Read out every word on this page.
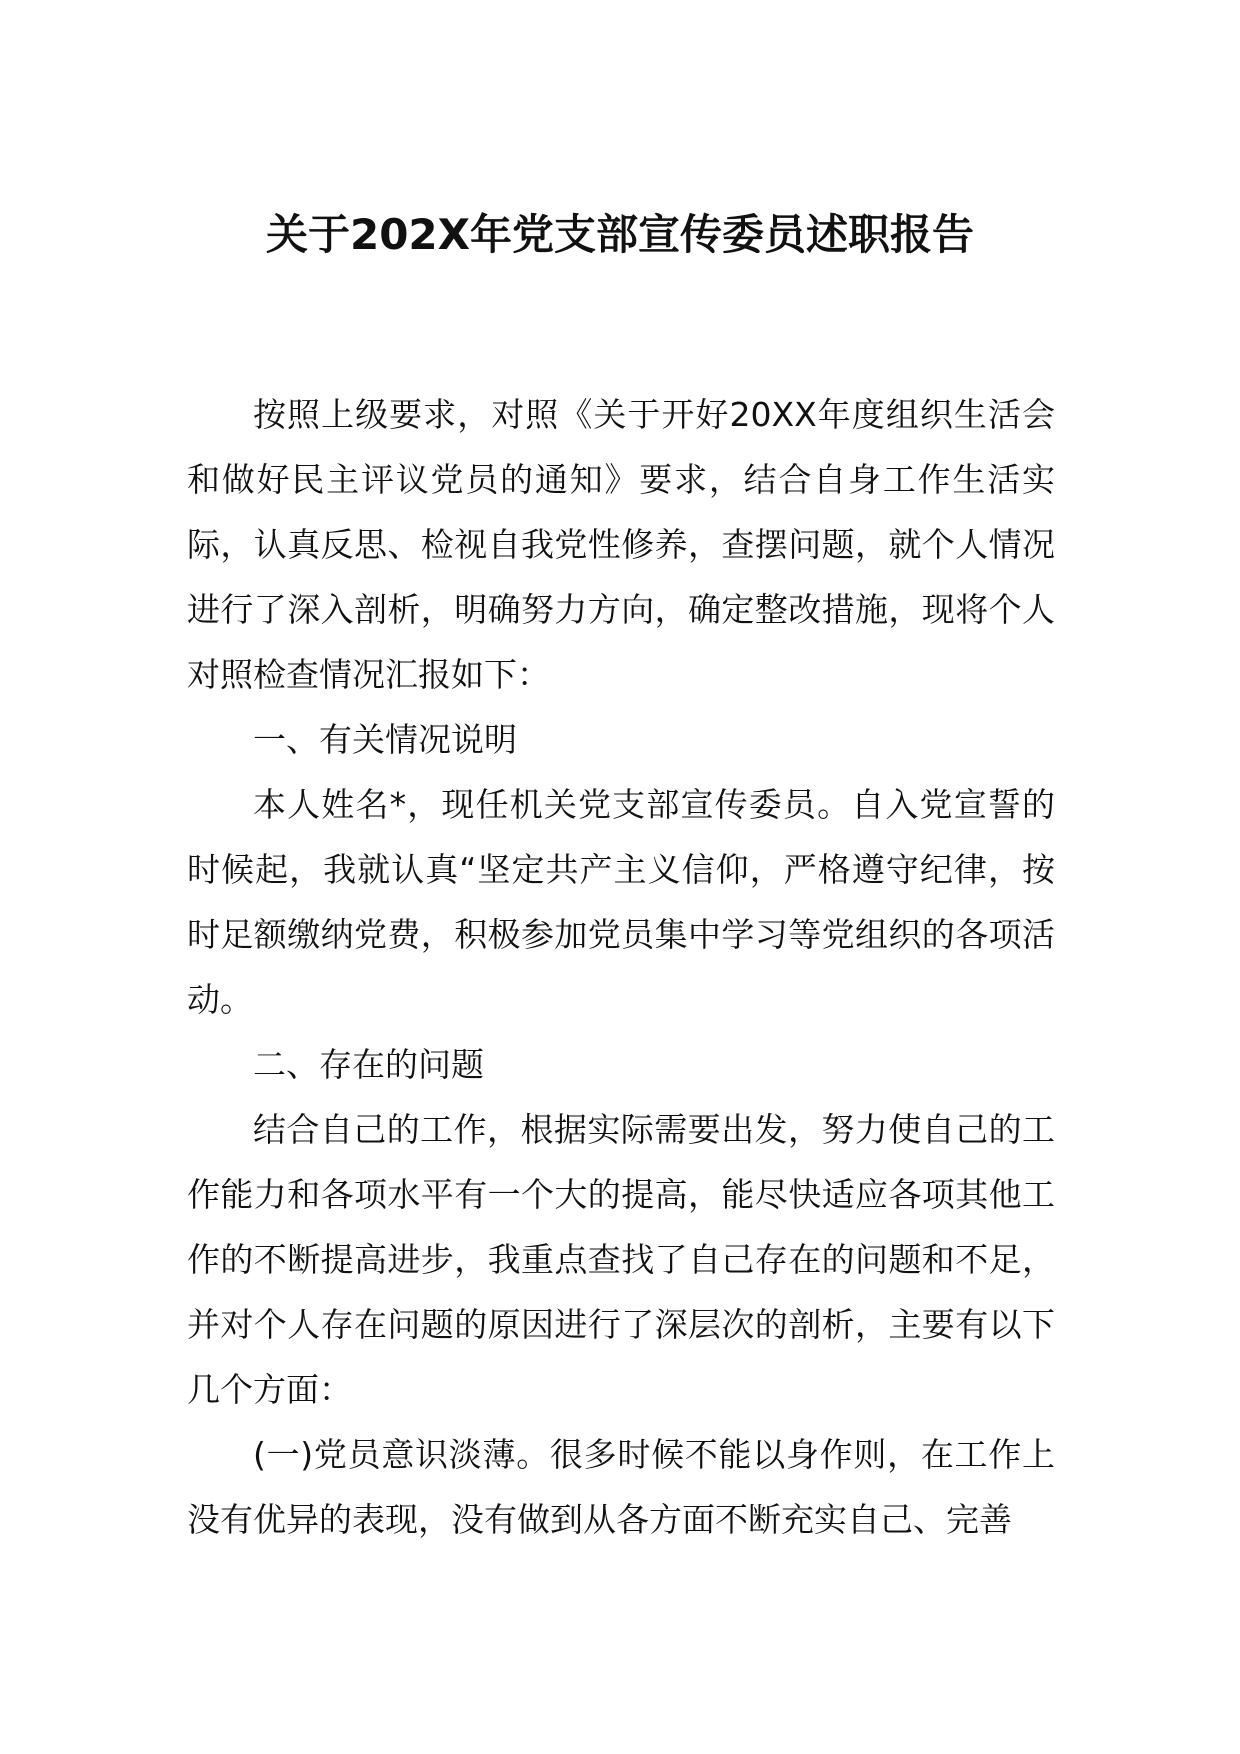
关于202X年党支部宣传委员述职报告

按照上级要求，对照《关于开好20XX年度组织生活会和做好民主评议党员的通知》要求，结合自身工作生活实际，认真反思、检视自我党性修养，查摆问题，就个人情况进行了深入剖析，明确努力方向，确定整改措施，现将个人对照检查情况汇报如下：

一、有关情况说明

本人姓名*，现任机关党支部宣传委员。自入党宣誓的时候起，我就认真“坚定共产主义信仰，严格遵守纪律，按时足额缴纳党费，积极参加党员集中学习等党组织的各项活动。

二、存在的问题

结合自己的工作，根据实际需要出发，努力使自己的工作能力和各项水平有一个大的提高，能尽快适应各项其他工作的不断提高进步，我重点查找了自己存在的问题和不足，并对个人存在问题的原因进行了深层次的剖析，主要有以下几个方面：

(一)党员意识淡薄。很多时候不能以身作则，在工作上没有优异的表现，没有做到从各方面不断充实自己、完善
